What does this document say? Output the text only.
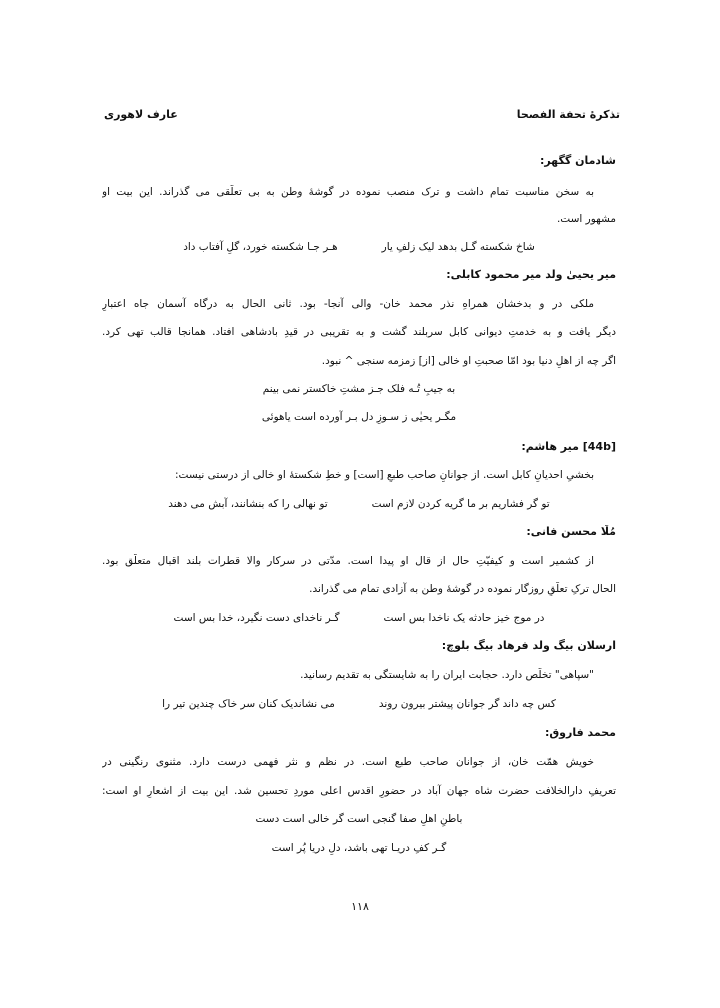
تذکرۀ تحفة الفصحا
عارف لاهوری
شادمان گگهر:
به سخن مناسبت تمام داشت و ترک منصب نموده در گوشۀ وطن به بی تعلّقی می گذراند. این بیت او
مشهور است.
شاخ شکسته گـل بدهد لیک زلفِ یار
هـر جـا شکسته خورد، گلِ آفتاب داد
میر یحییٰ ولد میر محمود کابلی:
ملکی در و بدخشان همراهِ نذر محمد خان- والی آنجا- بود. ثانی الحال به درگاه آسمان جاه اعتبارِ
دیگر یافت و به خدمتِ دیوانی کابل سربلند گشت و به تقریبی در قیدِ بادشاهی افتاد. همانجا قالب تهی کرد.
اگر چه از اهلِ دنیا بود امّا صحبتِ او خالی [از] زمزمه سنجی ^ نبود.
به جیبِ تُـه فلک جـز مشتِ خاکستر نمی بینم
مگـر یحیٰی ز سـوزِ دل بـر آورده است یاهوئی
[44b] میر هاشم:
بخشیِ احدیانِ کابل است. از جوانانِ صاحب طبعِ [است] و خطِ شکستۀ او خالی از درستی نیست:
تو گر فشاریم بر ما گریه کردن لازم است
تو نهالی را که بنشانند، آبش می دهند
مُلّا محسن فانی:
از کشمیر است و کیفیّتِ حال از قال او پیدا است. مدّتی در سرکار والا قطرات بلند اقبال متعلّق بود.
الحال ترکِ تعلّقِ روزگار نموده در گوشۀ وطن به آزادی تمام می گذراند.
در موج خیز حادثه یک ناخدا بس است
گـر ناخدای دست نگیرد، خدا بس است
ارسلان بیگ ولد فرهاد بیگ بلوچ:
"سپاهی" تخلّص دارد. حجابت ایران را به شایستگی به تقدیم رسانید.
کس چه داند گر جوانان پیشتر بیرون روند
می نشاندیک کنان سر خاک چندین تیر را
محمد فاروق:
خویش همّت خان، از جوانان صاحب طبع است. در نظم و نثر فهمی درست دارد. مثنوی رنگینی در
تعریفِ دارالخلافت حضرت شاه جهان آباد در حضورِ اقدس اعلی موردِ تحسین شد. این بیت از اشعارِ او است:
باطنِ اهلِ صفا گنجی است گر خالی است دست
گـر کفِ دریـا تهی باشد، دلِ دریا پُر است
۱۱۸
